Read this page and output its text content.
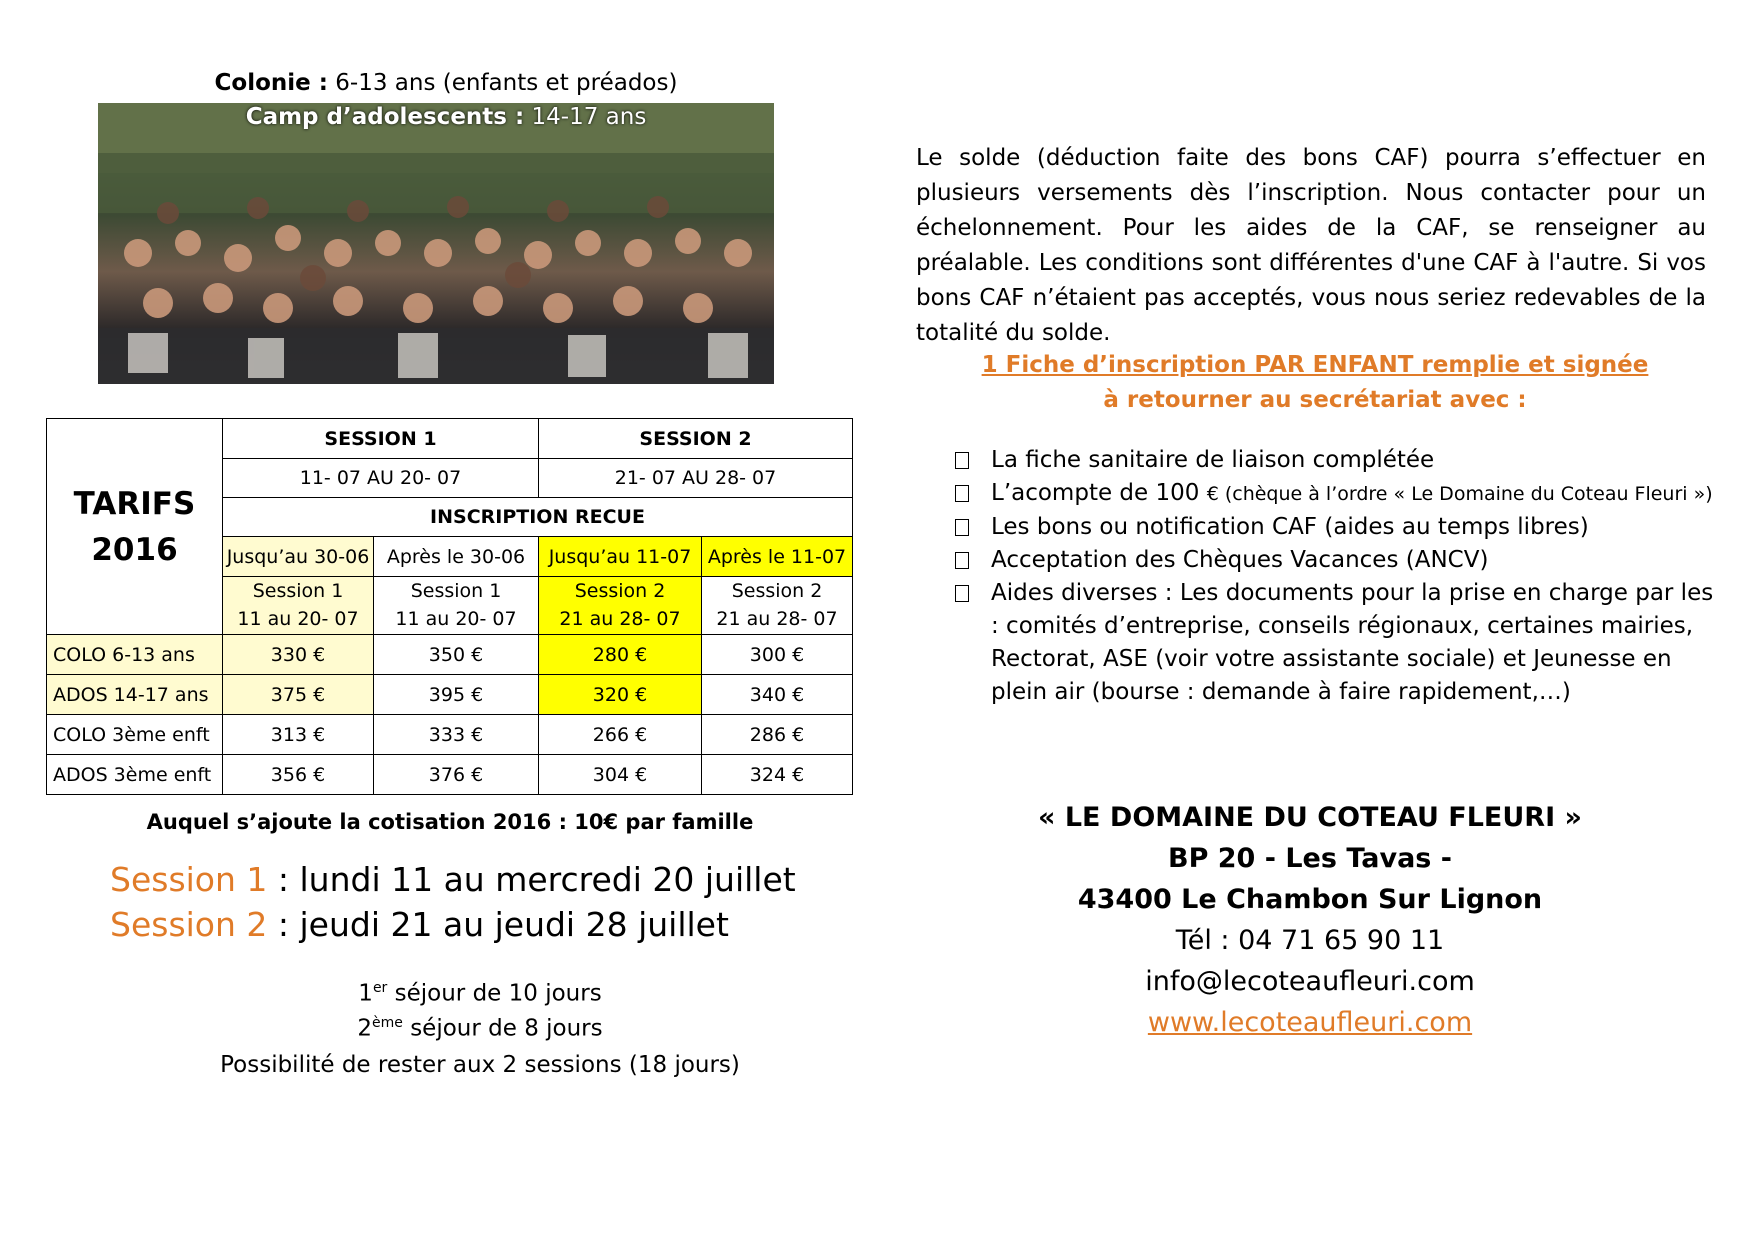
Colonie : 6-13 ans (enfants et préados)
Camp d’adolescents : 14-17 ans
TARIFS
2016	SESSION 1		SESSION 2	
	11- 07 AU 20- 07		21- 07 AU 28- 07	
	INSCRIPTION RECUE			
	Jusqu’au 30-06	Après le 30-06	Jusqu’au 11-07	Après le 11-07
	Session 1	Session 1	Session 2	Session 2
	11 au 20- 07	11 au 20- 07	21 au 28- 07	21 au 28- 07
COLO 6-13 ans	330 €	350 €	280 €	300 €
ADOS 14-17 ans	375 €	395 €	320 €	340 €
COLO 3ème enft	313 €	333 €	266 €	286 €
ADOS 3ème enft	356 €	376 €	304 €	324 €
Auquel s’ajoute la cotisation 2016 : 10€ par famille
Session 1 : lundi 11 au mercredi 20 juillet
Session 2 : jeudi 21 au jeudi 28 juillet
1er séjour de 10 jours
2ème séjour de 8 jours
Possibilité de rester aux 2 sessions (18 jours)
Le solde (déduction faite des bons CAF) pourra s’effectuer en plusieurs versements dès l’inscription. Nous contacter pour un échelonnement. Pour les aides de la CAF, se renseigner au préalable. Les conditions sont différentes d'une CAF à l'autre. Si vos bons CAF n’étaient pas acceptés, vous nous seriez redevables de la totalité du solde.
1 Fiche d’inscription PAR ENFANT remplie et signée
à retourner au secrétariat avec :
La fiche sanitaire de liaison complétée
L’acompte de 100 € (chèque à l’ordre « Le Domaine du Coteau Fleuri »)
Les bons ou notification CAF (aides au temps libres)
Acceptation des Chèques Vacances (ANCV)
Aides diverses : Les documents pour la prise en charge par les : comités d’entreprise, conseils régionaux, certaines mairies, Rectorat, ASE (voir votre assistante sociale) et Jeunesse en plein air (bourse : demande à faire rapidement,…)
« LE DOMAINE DU COTEAU FLEURI »
BP 20 - Les Tavas -
43400 Le Chambon Sur Lignon
Tél : 04 71 65 90 11
info@lecoteaufleuri.com
www.lecoteaufleuri.com
